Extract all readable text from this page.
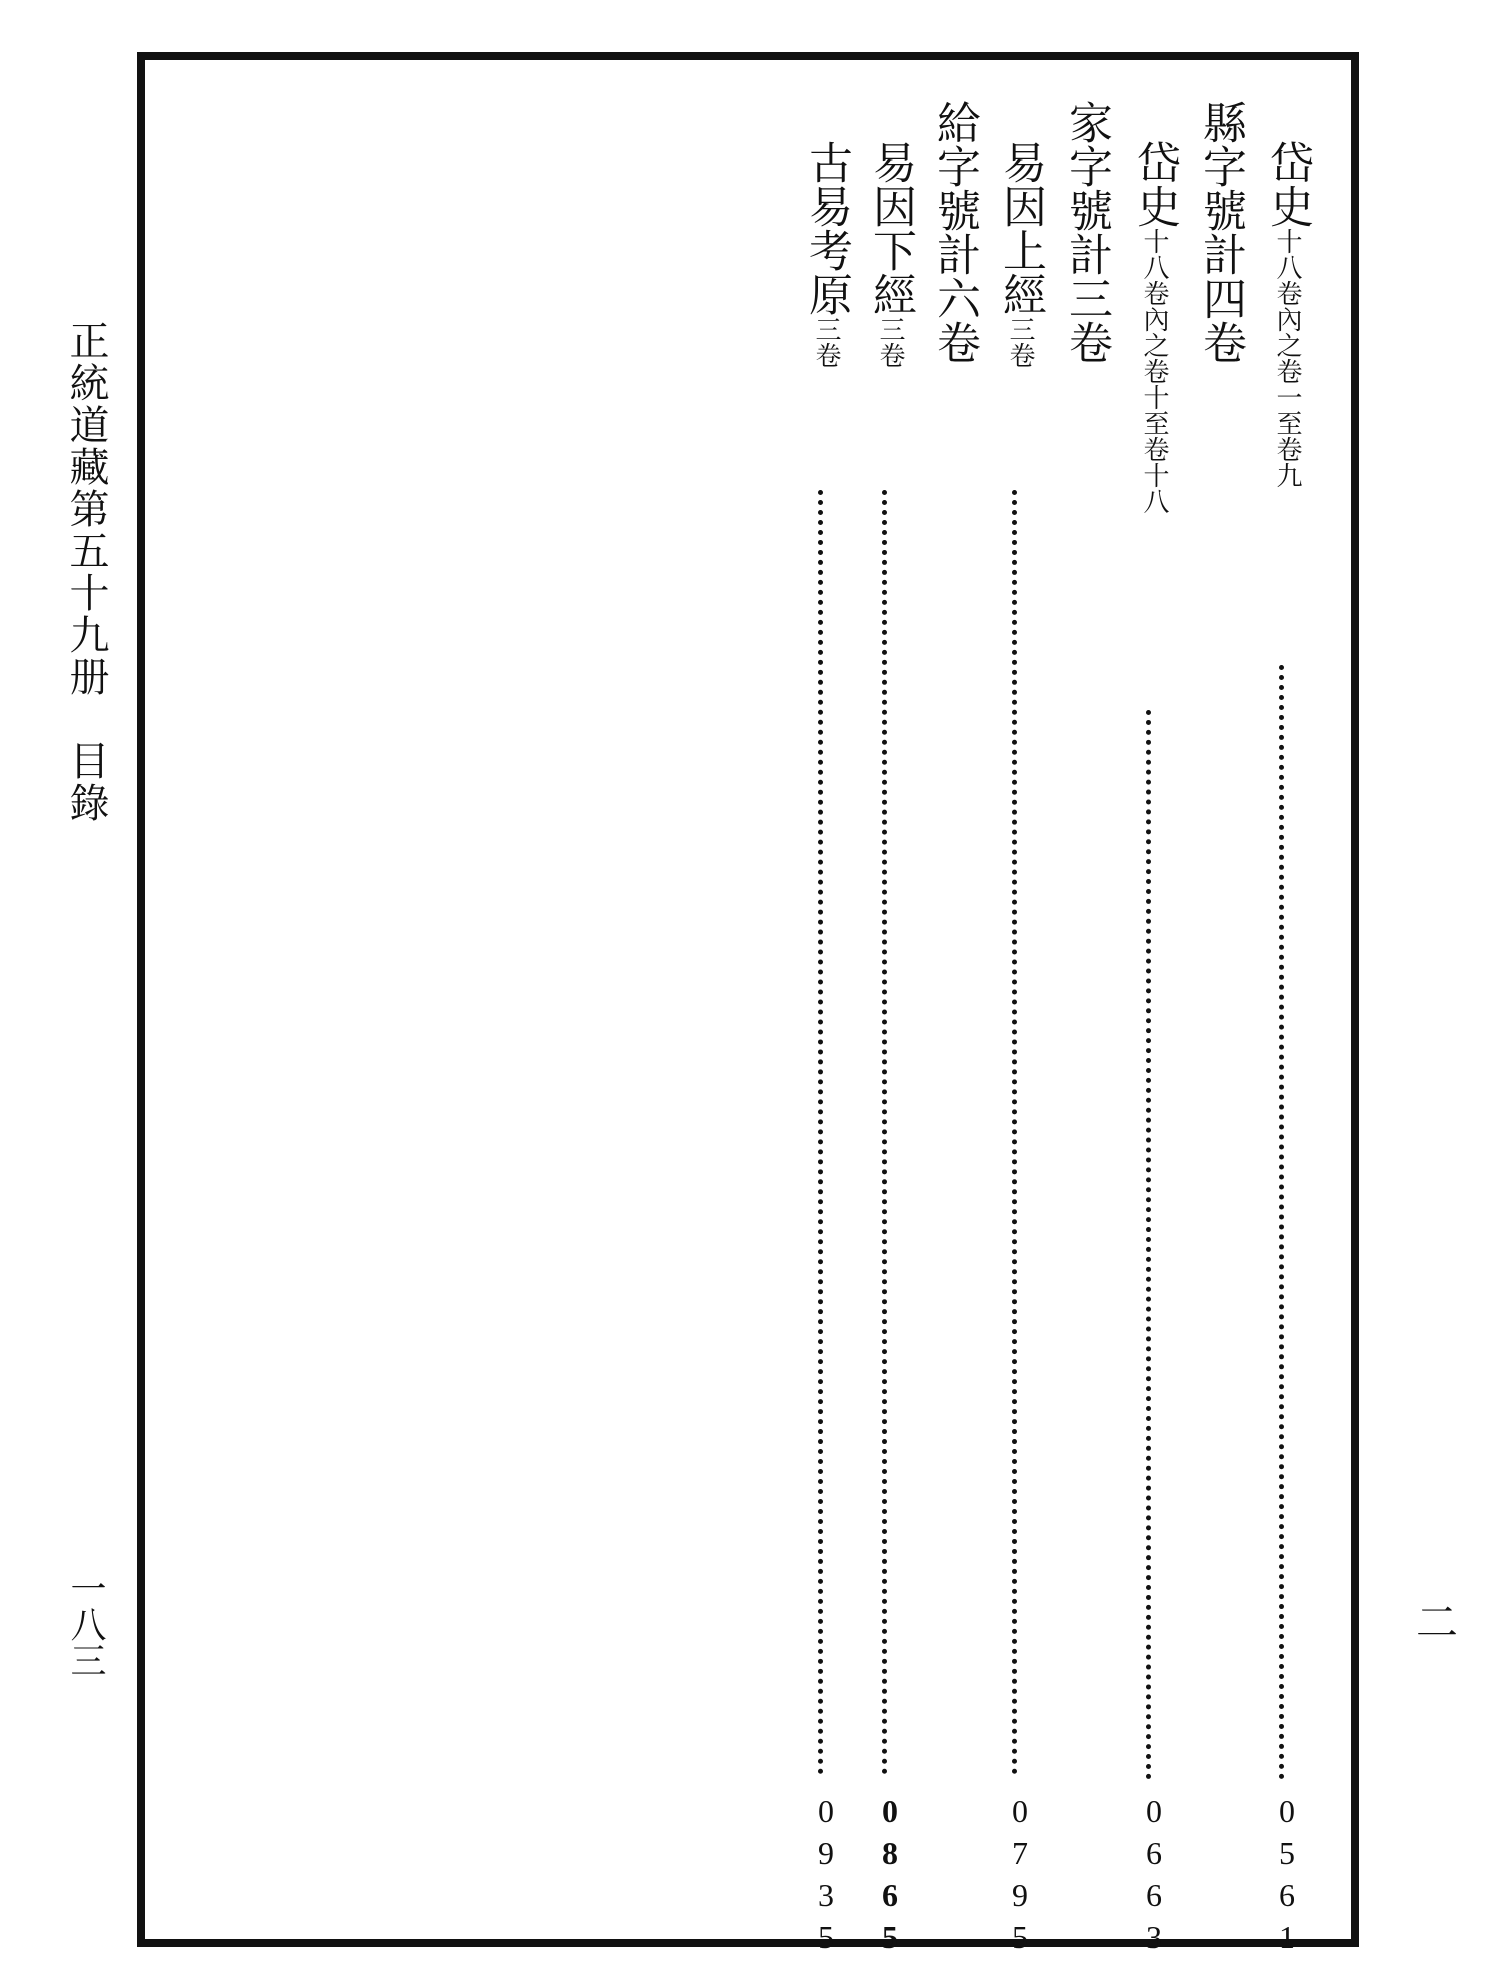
正統道藏第五十九册　目錄
一八三	二
岱史十八卷內之卷一至卷九
0
5
6
1
縣字號計四卷
岱史十八卷內之卷十至卷十八
0
6
6
3
家字號計三卷
易因上經三卷
0
7
9
5
給字號計六卷
易因下經三卷
0
8
6
5
古易考原三卷
0
9
3
5
